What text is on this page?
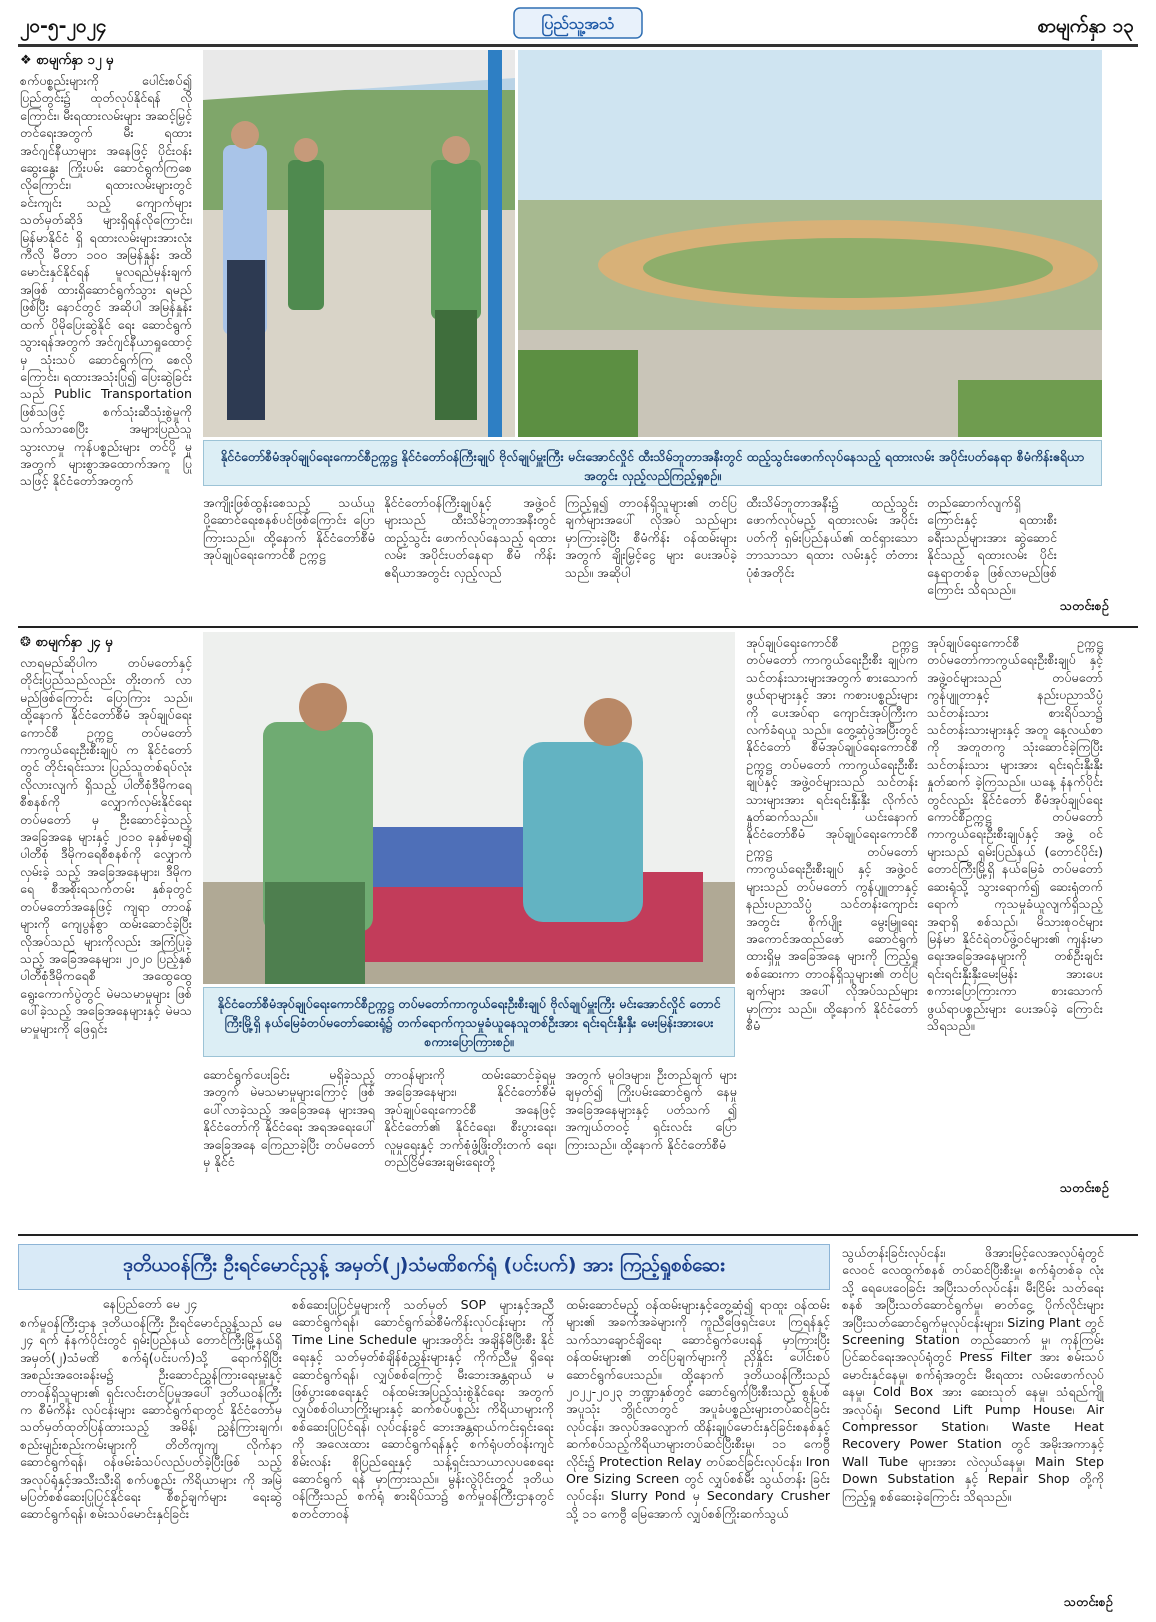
၂၀-၅-၂၀၂၄	ပြည်သူ့အသံ	စာမျက်နှာ ၁၃
❖ စာမျက်နှာ ၁၂ မှ
စက်ပစ္စည်းများကို ပေါင်းစပ်၍ ပြည်တွင်း၌ ထုတ်လုပ်နိုင်ရန် လိုကြောင်း၊ မီးရထားလမ်းများ အဆင့်မြှင့်တင်ရေးအတွက် မီး ရထားအင်ဂျင်နီယာများ အနေဖြင့် ပိုင်းဝန်းဆွေးနွေး ကြိုးပမ်း ဆောင်ရွက်ကြစေလိုကြောင်း၊ ရထားလမ်းများတွင် ခင်းကျင်း သည့် ကျောက်များသတ်မှတ်ဆိုဒ် များရှိရန်လိုကြောင်း၊ မြန်မာနိုင်ငံ ရှိ ရထားလမ်းများအားလုံး ကီလို မီတာ ၁၀၀ အမြန်နှုန်း အထိ မောင်းနှင်နိုင်ရန် မူလရည်မှန်းချက် အဖြစ် ထားရှိဆောင်ရွက်သွား ရမည်ဖြစ်ပြီး နောင်တွင် အဆိုပါ အမြန်နှုန်းထက် ပိုမိုပြေးဆွဲနိုင် ရေး ဆောင်ရွက်သွားရန်အတွက် အင်ဂျင်နီယာရှုထောင့်မှ သုံးသပ် ဆောင်ရွက်ကြ စေလိုကြောင်း၊ ရထားအသုံးပြု၍ ပြေးဆွဲခြင်း သည် Public Transportation ဖြစ်သဖြင့် စက်သုံးဆီသုံးစွဲမှုကို သက်သာစေပြီး အများပြည်သူ သွားလာမှု ကုန်ပစ္စည်းများ တင်ပို့ မှုအတွက် များစွာအထောက်အကူ ပြုသဖြင့် နိုင်ငံတော်အတွက်
နိုင်ငံတော်စီမံအုပ်ချုပ်ရေးကောင်စီဥက္ကဋ္ဌ နိုင်ငံတော်ဝန်ကြီးချုပ် ဗိုလ်ချုပ်မှူးကြီး မင်းအောင်လှိုင် ထီးသိမ်ဘူတာအနီးတွင် ထည့်သွင်းဖောက်လုပ်နေသည့် ရထားလမ်း အပိုင်းပတ်နေရာ စီမံကိန်းဧရိယာအတွင်း လှည့်လည်ကြည့်ရှုစဉ်။
အကျိုးဖြစ်ထွန်းစေသည့် သယ်ယူ ပို့ဆောင်ရေးစနစ်ပင်ဖြစ်ကြောင်း ပြောကြားသည်။ ထို့နောက် နိုင်ငံတော်စီမံ အုပ်ချုပ်ရေးကောင်စီ ဥက္ကဋ္ဌ
နိုင်ငံတော်ဝန်ကြီးချုပ်နှင့် အဖွဲ့ဝင် များသည် ထီးသိမ်ဘူတာအနီးတွင် ထည့်သွင်း ဖောက်လုပ်နေသည့် ရထားလမ်း အပိုင်းပတ်နေရာ စီမံ ကိန်းဧရိယာအတွင်း လှည့်လည်
ကြည့်ရှု၍ တာဝန်ရှိသူများ၏ တင်ပြချက်များအပေါ် လိုအပ် သည်များမှာကြားခဲ့ပြီး စီမံကိန်း ဝန်ထမ်းများအတွက် ချိုးမြှင့်ငွေ များ ပေးအပ်ခဲ့သည်။ အဆိုပါ
ထီးသိမ်ဘူတာအနီး၌ ထည့်သွင်း ဖောက်လုပ်မည့် ရထားလမ်း အပိုင်းပတ်ကို ရှမ်းပြည်နယ်၏ ထင်ရှားသော ဘာသာသာ ရထား လမ်းနှင့် တံတားပုံစံအတိုင်း
တည်ဆောက်လျက်ရှိကြောင်းနှင့် ရထားစီး ခရီးသည်များအား ဆွဲဆောင်နိုင်သည့် ရထားလမ်း ပိုင်းနေရာတစ်ခု ဖြစ်လာမည်ဖြစ် ကြောင်း သိရသည်။
သတင်းစဉ်
❂ စာမျက်နှာ ၂၄ မှ
လာရမည်ဆိုပါက တပ်မတော်နှင့် တိုင်းပြည်သည်လည်း တိုးတက် လာမည်ဖြစ်ကြောင်း ပြောကြား သည်။ ထို့နောက် နိုင်ငံတော်စီမံ အုပ်ချုပ်ရေးကောင်စီ ဥက္ကဋ္ဌ တပ်မတော်ကာကွယ်ရေးဦးစီးချုပ် က နိုင်ငံတော်တွင် တိုင်းရင်းသား ပြည်သူတစ်ရပ်လုံး လိုလားလျက် ရှိသည့် ပါတီစုံဒီမိုကရေစီစနစ်ကို လျှောက်လှမ်းနိုင်ရေး တပ်မတော် မှ ဦးဆောင်ခဲ့သည့် အခြေအနေ များနှင့် ၂၀၁၀ ခုနှစ်မှစ၍ ပါတီစုံ ဒီမိုကရေစီစနစ်ကို လျှောက်လှမ်းခဲ့ သည့် အခြေအနေများ၊ ဒီမိုကရေ စီအစိုးရသက်တမ်း နှစ်ခုတွင် တပ်မတော်အနေဖြင့် ကျရာ တာဝန်များကို ကျေပွန်စွာ ထမ်းဆောင်ခဲ့ပြီး လိုအပ်သည် များကိုလည်း အကြံပြုခဲ့သည့် အခြေအနေများ၊ ၂၀၂၀ ပြည့်နှစ် ပါတီစုံဒီမိုကရေစီ အထွေထွေ ရွေးကောက်ပွဲတွင် မဲမသမာမှုများ ဖြစ်ပေါ်ခဲ့သည့် အခြေအနေများနှင့် မဲမသမာမှုများကို ဖြေရှင်း
နိုင်ငံတော်စီမံအုပ်ချုပ်ရေးကောင်စီဥက္ကဋ္ဌ တပ်မတော်ကာကွယ်ရေးဦးစီးချုပ် ဗိုလ်ချုပ်မှူးကြီး မင်းအောင်လှိုင် တောင်ကြီးမြို့ရှိ နယ်မြေခံတပ်မတော်ဆေးရုံ၌ တက်ရောက်ကုသမှုခံယူနေသူတစ်ဦးအား ရင်းရင်းနှီးနှီး မေးမြန်းအားပေးစကားပြောကြားစဉ်။
အုပ်ချုပ်ရေးကောင်စီ ဥက္ကဋ္ဌ တပ်မတော် ကာကွယ်ရေးဦးစီး ချုပ်က သင်တန်းသားများအတွက် စားသောက်ဖွယ်ရာများနှင့် အား ကစားပစ္စည်းများကို ပေးအပ်ရာ ကျောင်းအုပ်ကြီးက လက်ခံရယူ သည်။ တွေ့ဆုံပွဲအပြီးတွင် နိုင်ငံတော် စီမံအုပ်ချုပ်ရေးကောင်စီ ဥက္ကဋ္ဌ တပ်မတော် ကာကွယ်ရေးဦးစီး ချုပ်နှင့် အဖွဲ့ဝင်များသည် သင်တန်း သားများအား ရင်းရင်းနှီးနှီး လိုက်လံနှုတ်ဆက်သည်။ ယင်းနောက် နိုင်ငံတော်စီမံ အုပ်ချုပ်ရေးကောင်စီ ဥက္ကဋ္ဌ တပ်မတော်ကာကွယ်ရေးဦးစီးချုပ် နှင့် အဖွဲ့ဝင်များသည် တပ်မတော် ကွန်ပျူတာနှင့် နည်းပညာသိပ္ပံ သင်တန်းကျောင်းအတွင်း စိုက်ပျိုး မွေးမြူရေး အကောင်အထည်ဖော် ဆောင်ရွက်ထားရှိမှု အခြေအနေ များကို ကြည့်ရှုစစ်ဆေးကာ တာဝန်ရှိသူများ၏ တင်ပြချက်များ အပေါ် လိုအပ်သည်များ မှာကြား သည်။ ထို့နောက် နိုင်ငံတော်စီမံ
အုပ်ချုပ်ရေးကောင်စီ ဥက္ကဋ္ဌ တပ်မတော်ကာကွယ်ရေးဦးစီးချုပ် နှင့် အဖွဲ့ဝင်များသည် တပ်မတော် ကွန်ပျူတာနှင့် နည်းပညာသိပ္ပံ သင်တန်းသား စားရိပ်သာ၌ သင်တန်းသားများနှင့် အတူ နေ့လယ်စာကို အတူတကွ သုံးဆောင်ခဲ့ကြပြီး သင်တန်းသား များအား ရင်းရင်းနှီးနှီး နှုတ်ဆက် ခဲ့ကြသည်။ ယနေ့ နံနက်ပိုင်းတွင်လည်း နိုင်ငံတော် စီမံအုပ်ချုပ်ရေး ကောင်စီဥက္ကဋ္ဌ တပ်မတော် ကာကွယ်ရေးဦးစီးချုပ်နှင့် အဖွဲ့ ဝင်များသည် ရှမ်းပြည်နယ် (တောင်ပိုင်း) တောင်ကြီးမြို့ရှိ နယ်မြေခံ တပ်မတော်ဆေးရုံသို့ သွားရောက်၍ ဆေးရုံတက်ရောက် ကုသမှုခံယူလျက်ရှိသည့် အရာရှိ စစ်သည်၊ မိသားစုဝင်များ မြန်မာ နိုင်ငံရဲတပ်ဖွဲ့ဝင်များ၏ ကျန်းမာ ရေးအခြေအနေများကို တစ်ဦးချင်း ရင်းရင်းနှီးနှီးမေးမြန်း အားပေး စကားပြောကြားကာ စားသောက် ဖွယ်ရာပစ္စည်းများ ပေးအပ်ခဲ့ ကြောင်း သိရသည်။
ဆောင်ရွက်ပေးခြင်း မရှိခဲ့သည့် အတွက် မဲမသမာမှုများကြောင့် ဖြစ်ပေါ်လာခဲ့သည့် အခြေအနေ များအရ နိုင်ငံတော်ကို နိုင်ငံရေး အရအရေးပေါ် အခြေအနေ ကြေညာခဲ့ပြီး တပ်မတော်မှ နိုင်ငံ
တာဝန်များကို ထမ်းဆောင်ခဲ့ရမှု အခြေအနေများ၊ နိုင်ငံတော်စီမံ အုပ်ချုပ်ရေးကောင်စီ အနေဖြင့် နိုင်ငံတော်၏ နိုင်ငံရေး၊ စီးပွားရေး၊ လူမှုရေးနှင့် ဘက်စုံဖွံ့ဖြိုးတိုးတက် ရေး၊ တည်ငြိမ်အေးချမ်းရေးတို့
အတွက် မူဝါဒများ၊ ဦးတည်ချက် များ ချမှတ်၍ ကြိုးပမ်းဆောင်ရွက် နေမှုအခြေအနေများနှင့် ပတ်သက် ၍ အကျယ်တဝင့် ရှင်းလင်း ပြောကြားသည်။ ထို့နောက် နိုင်ငံတော်စီမံ
သတင်းစဉ်
ဒုတိယဝန်ကြီး ဦးရင်မောင်ညွန့် အမှတ်(၂)သံမဏိစက်ရုံ (ပင်းပက်) အား ကြည့်ရှုစစ်ဆေး
သွယ်တန်းခြင်းလုပ်ငန်း၊ ဖိအားမြင့်လေအလုပ်ရုံတွင် လေဝင် လေထွက်စနစ် တပ်ဆင်ပြီးစီးမှု၊ စက်ရုံတစ်ခု လုံးသို့ ရေပေးဝေခြင်း အပြီးသတ်လုပ်ငန်း၊ မီးငြိမ်း သတ်ရေးစနစ် အပြီးသတ်ဆောင်ရွက်မှု၊ ဓာတ်ငွေ့ ပိုက်လိုင်းများ အပြီးသတ်ဆောင်ရွက်မှုလုပ်ငန်းများ၊ Sizing Plant တွင် Screening Station တည်ဆောက် မှု၊ ကုန်ကြမ်းပြင်ဆင်ရေးအလုပ်ရုံတွင် Press Filter အား စမ်းသပ်မောင်းနှင်နေမှု၊ စက်ရုံအတွင်း မီးရထား လမ်းဖောက်လုပ်နေမှု၊ Cold Box အား ဆေးသုတ် နေမှု၊ သံရည်ကျိုအလုပ်ရုံ၊ Second Lift Pump House၊ Air Compressor Station၊ Waste Heat Recovery Power Station တွင် အမိုးအကာနှင့် Wall Tube များအား လဲလှယ်နေမှု၊ Main Step Down Substation နှင့် Repair Shop တို့ကို ကြည့်ရှု စစ်ဆေးခဲ့ကြောင်း သိရသည်။
နေပြည်တော် မေ ၂၄
စက်မှုဝန်ကြီးဌာန ဒုတိယဝန်ကြီး ဦးရင်မောင်ညွန့်သည် မေ ၂၄ ရက် နံနက်ပိုင်းတွင် ရှမ်းပြည်နယ် တောင်ကြီးမြို့နယ်ရှိ အမှတ်(၂)သံမဏိ စက်ရုံ(ပင်းပက်)သို့ ရောက်ရှိပြီး အစည်းအဝေးခန်းမ၌ ဦးဆောင်ညွှန်ကြားရေးမှူးနှင့် တာဝန်ရှိသူများ၏ ရှင်းလင်းတင်ပြမှုအပေါ် ဒုတိယဝန်ကြီးက စီမံကိန်း လုပ်ငန်းများ ဆောင်ရွက်ရာတွင် နိုင်ငံတော်မှ သတ်မှတ်ထုတ်ပြန်ထားသည့် အမိန့်၊ ညွှန်ကြားချက်၊ စည်းမျဉ်းစည်းကမ်းများကို တိတိကျကျ လိုက်နာ ဆောင်ရွက်ရန်၊ ဝန်ဖမ်းခံသပ်လည်ပတ်ခဲ့ပြီးဖြစ် သည့် အလုပ်ရုံနှင့်အသီးသီးရှိ စက်ပစ္စည်း ကိရိယာများ ကို အမြဲမပြတ်စစ်ဆေးပြုပြင်နိုင်ရေး စီစဉ်ချက်များ ရေးဆွဲဆောင်ရွက်ရန်၊ စမ်းသပ်မောင်းနှင်ခြင်း
စစ်ဆေးပြုပြင်မှုများကို သတ်မှတ် SOP များနှင့်အညီ ဆောင်ရွက်ရန်၊ ဆောင်ရွက်ဆဲစီမံကိန်းလုပ်ငန်းများ ကို Time Line Schedule များအတိုင်း အချိန်မီပြီးစီး နိုင်ရေးနှင့် သတ်မှတ်စံချိန်စံညွှန်းများနှင့် ကိုက်ညီမှု ရှိရေးဆောင်ရွက်ရန်၊ လျှပ်စစ်ကြောင့် မီးဘေးအန္တရာယ် မဖြစ်ပွားစေရေးနှင့် ဝန်ထမ်းအပြည့်သုံးစွဲနိုင်ရေး အတွက် လျှပ်စစ်ဝါယာကြိုးများနှင့် ဆက်စပ်ပစ္စည်း ကိရိယာများကို စစ်ဆေးပြုပြင်ရန်၊ လုပ်ငန်းခွင် ဘေးအန္တရာယ်ကင်းရှင်းရေးကို အလေးထား ဆောင်ရွက်ရန်နှင့် စက်ရုံပတ်ဝန်းကျင်စိမ်းလန်း စိုပြည်ရေးနှင့် သန့်ရှင်းသာယာလှပစေရေး ဆောင်ရွက် ရန် မှာကြားသည်။ မွန်းလွဲပိုင်းတွင် ဒုတိယဝန်ကြီးသည် စက်ရုံ စားရိပ်သာ၌ စက်မှုဝန်ကြီးဌာနတွင် စတင်တာဝန်
ထမ်းဆောင်မည့် ဝန်ထမ်းများနှင့်တွေ့ဆုံ၍ ရာထူး ဝန်ထမ်းများ၏ အခက်အခဲများကို ကူညီဖြေရှင်းပေး ကြရန်နှင့် သက်သာချောင်ချိရေး ဆောင်ရွက်ပေးရန် မှာကြားပြီး ဝန်ထမ်းများ၏ တင်ပြချက်များကို ညှိနှိုင်း ပေါင်းစပ်ဆောင်ရွက်ပေးသည်။ ထို့နောက် ဒုတိယဝန်ကြီးသည် ၂၀၂၂-၂၀၂၃ ဘဏ္ဍာနှစ်တွင် ဆောင်ရွက်ပြီးစီးသည့် စွန့်ပစ်အပူသုံး ဘွိုင်လာတွင် အပူခံပစ္စည်းများတပ်ဆင်ခြင်းလုပ်ငန်း၊ အလုပ်အလျောက် ထိန်းချုပ်မောင်းနှင်ခြင်းစနစ်နှင့် ဆက်စပ်သည့်ကိရိယာများတပ်ဆင်ပြီးစီးမှု၊ ၁၁ ကေဗွီ လိုင်း၌ Protection Relay တပ်ဆင်ခြင်းလုပ်ငန်း၊ Iron Ore Sizing Screen တွင် လျှပ်စစ်မီး သွယ်တန်း ခြင်းလုပ်ငန်း၊ Slurry Pond မှ Secondary Crusher သို့ ၁၁ ကေဗွီ မြေအောက် လျှပ်စစ်ကြိုးဆက်သွယ်
သတင်းစဉ်
